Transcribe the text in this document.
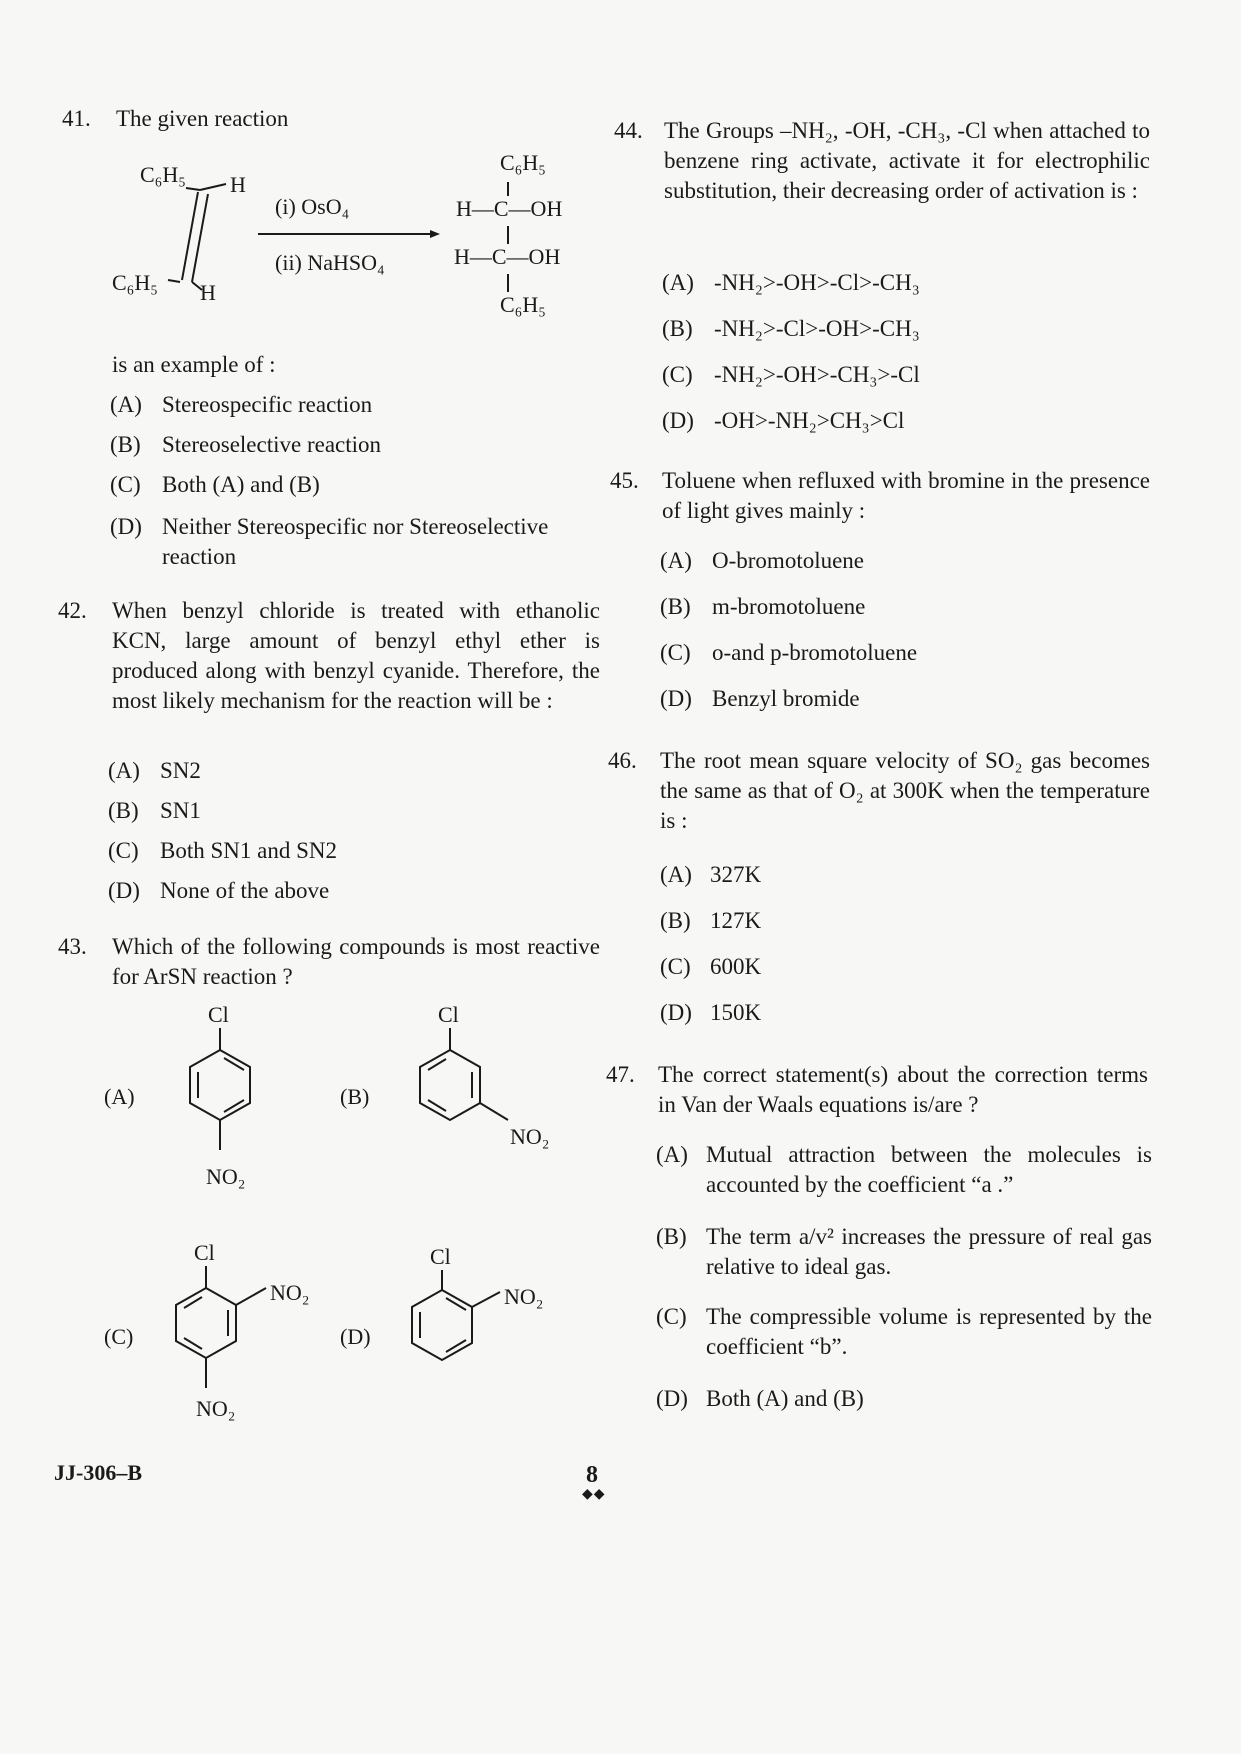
41.	The given reaction
C₆H₅ H
C₆H₅ H
(i) OsO₄
(ii) NaHSO₄
C₆H₅
H—C—OH
H—C—OH
C₆H₅
is an example of :
(A) Stereospecific reaction
(B) Stereoselective reaction
(C) Both (A) and (B)
(D) Neither Stereospecific nor Stereoselective reaction
42.	When benzyl chloride is treated with ethanolic KCN, large amount of benzyl ethyl ether is produced along with benzyl cyanide. Therefore, the most likely mechanism for the reaction will be :
(A) SN2
(B) SN1
(C) Both SN1 and SN2
(D) None of the above
43.	Which of the following compounds is most reactive for ArSN reaction ?
(A)
Cl
NO₂
(B)
Cl
NO₂
(C)
Cl
NO₂
NO₂
(D)
Cl
NO₂
44. The Groups –NH₂, -OH, -CH₃, -Cl when attached to benzene ring activate, activate it for electrophilic substitution, their decreasing order of activation is :
(A) -NH₂>-OH>-Cl>-CH₃
(B) -NH₂>-Cl>-OH>-CH₃
(C) -NH₂>-OH>-CH₃>-Cl
(D) -OH>-NH₂>CH₃>Cl
45.	Toluene when refluxed with bromine in the presence of light gives mainly :
(A) O-bromotoluene
(B) m-bromotoluene
(C) o-and p-bromotoluene
(D) Benzyl bromide
46.	The root mean square velocity of SO₂ gas becomes the same as that of O₂ at 300K when the temperature is :
(A) 327K
(B) 127K
(C) 600K
(D) 150K
47.	The correct statement(s) about the correction terms in Van der Waals equations is/are ?
(A) Mutual attraction between the molecules is accounted by the coefficient “a .”
(B) The term a/v² increases the pressure of real gas relative to ideal gas.
(C) The compressible volume is represented by the coefficient “b”.
(D) Both (A) and (B)
JJ-306–B	8
◆◆
